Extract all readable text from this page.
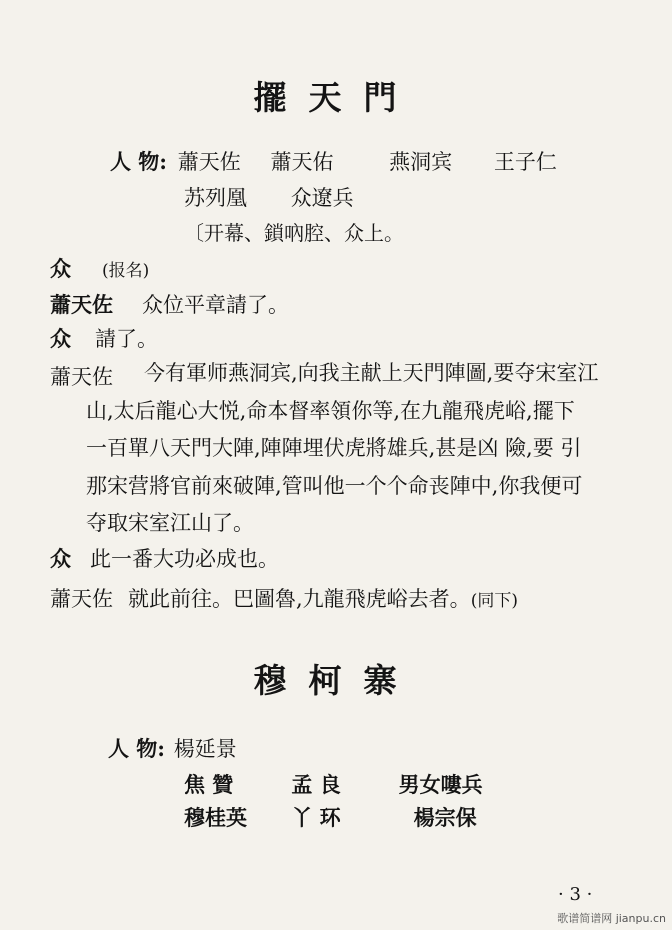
擺天門
人 物: 蕭天佐 蕭天佑	燕洞宾 王子仁
苏列凰 众遼兵
〔开幕、鎖吶腔、众上。
众 (报名)
蕭天佐 众位平章請了。
众 請了。
蕭天佐	今有軍师燕洞宾,向我主献上天門陣圖,要夺宋室江
山,太后龍心大悦,命本督率領你等,在九龍飛虎峪,擺下
一百單八天門大陣,陣陣埋伏虎將雄兵,甚是凶 險,要 引
那宋营將官前來破陣,管叫他一个个命丧陣中,你我便可
夺取宋室江山了。
众 此一番大功必成也。
蕭天佐 就此前往。巴圖魯,九龍飛虎峪去者。(同下)
穆柯寨
人 物: 楊延景
焦 贊	孟 良	男女嘍兵
穆桂英 丫 环	楊宗保
· 3 ·
歌谱简谱网 jianpu.cn
